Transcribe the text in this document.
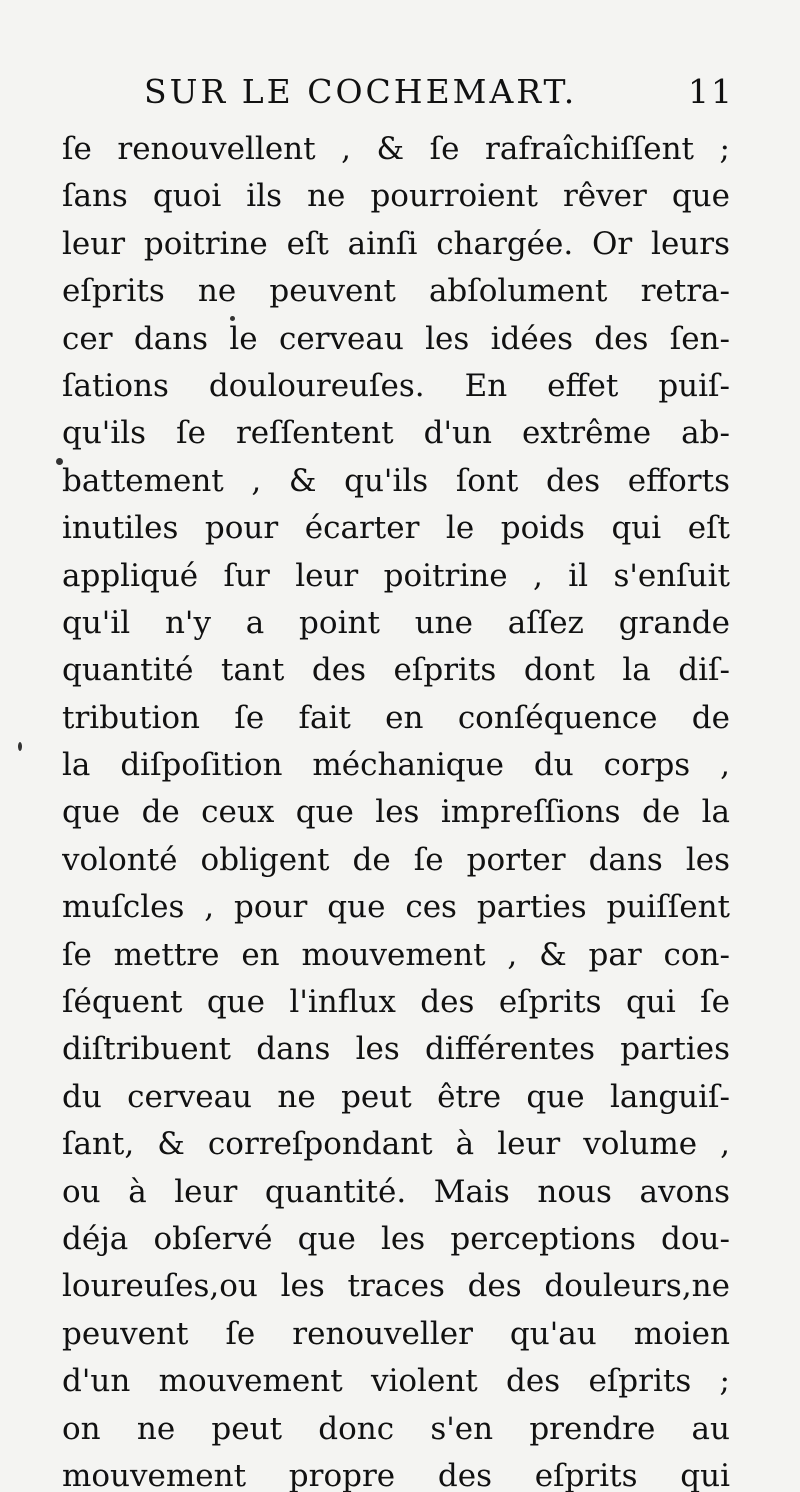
SUR LE COCHEMART.	11
ſe renouvellent , & ſe rafraîchiſſent ;
ſans quoi ils ne pourroient rêver que
leur poitrine eſt ainſi chargée. Or leurs
eſprits ne peuvent abſolument retra-
cer dans le cerveau les idées des ſen-
ſations douloureuſes. En effet puiſ-
qu'ils ſe reſſentent d'un extrême ab-
battement , & qu'ils ſont des efforts
inutiles pour écarter le poids qui eſt
appliqué ſur leur poitrine , il s'enſuit
qu'il n'y a point une aſſez grande
quantité tant des eſprits dont la diſ-
tribution ſe fait en conſéquence de
la diſpoſition méchanique du corps ,
que de ceux que les impreſſions de la
volonté obligent de ſe porter dans les
muſcles , pour que ces parties puiſſent
ſe mettre en mouvement , & par con-
ſéquent que l'influx des eſprits qui ſe
diſtribuent dans les différentes parties
du cerveau ne peut être que languiſ-
ſant, & correſpondant à leur volume ,
ou à leur quantité. Mais nous avons
déja obſervé que les perceptions dou-
loureuſes,ou les traces des douleurs,ne
peuvent ſe renouveller qu'au moien
d'un mouvement violent des eſprits ;
on ne peut donc s'en prendre au
mouvement propre des eſprits qui
